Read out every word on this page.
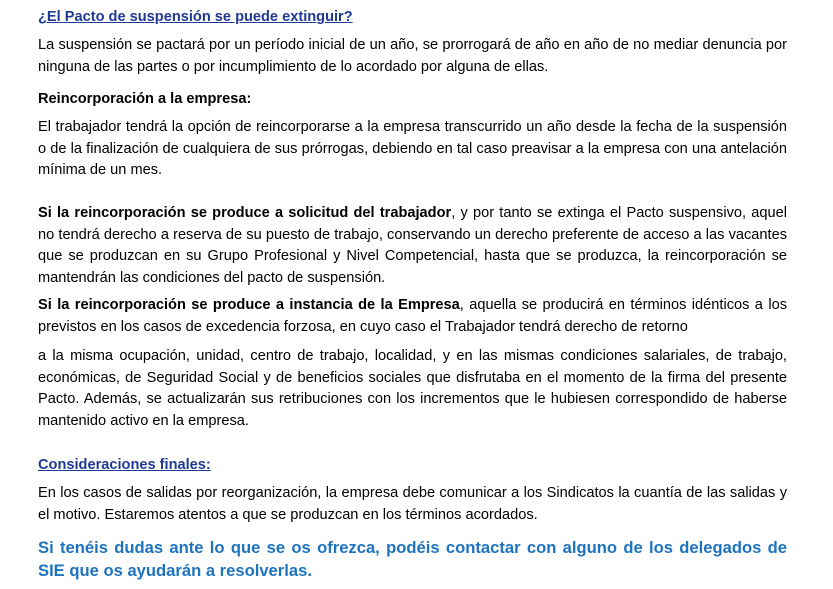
¿El Pacto de suspensión se puede extinguir?

La suspensión se pactará por un período inicial de un año, se prorrogará de año en año de no mediar denuncia por ninguna de las partes o por incumplimiento de lo acordado por alguna de ellas.

Reincorporación a la empresa:

El trabajador tendrá la opción de reincorporarse a la empresa transcurrido un año desde la fecha de la suspensión o de la finalización de cualquiera de sus prórrogas, debiendo en tal caso preavisar a la empresa con una antelación mínima de un mes.

Si la reincorporación se produce a solicitud del trabajador, y por tanto se extinga el Pacto suspensivo, aquel no tendrá derecho a reserva de su puesto de trabajo, conservando un derecho preferente de acceso a las vacantes que se produzcan en su Grupo Profesional y Nivel Competencial, hasta que se produzca, la reincorporación se mantendrán las condiciones del pacto de suspensión.

Si la reincorporación se produce a instancia de la Empresa, aquella se producirá en términos idénticos a los previstos en los casos de excedencia forzosa, en cuyo caso el Trabajador tendrá derecho de retorno

a la misma ocupación, unidad, centro de trabajo, localidad, y en las mismas condiciones salariales, de trabajo, económicas, de Seguridad Social y de beneficios sociales que disfrutaba en el momento de la firma del presente Pacto. Además, se actualizarán sus retribuciones con los incrementos que le hubiesen correspondido de haberse mantenido activo en la empresa.

Consideraciones finales:

En los casos de salidas por reorganización, la empresa debe comunicar a los Sindicatos la cuantía de las salidas y el motivo. Estaremos atentos a que se produzcan en los términos acordados.

Si tenéis dudas ante lo que se os ofrezca, podéis contactar con alguno de los delegados de SIE que os ayudarán a resolverlas.
